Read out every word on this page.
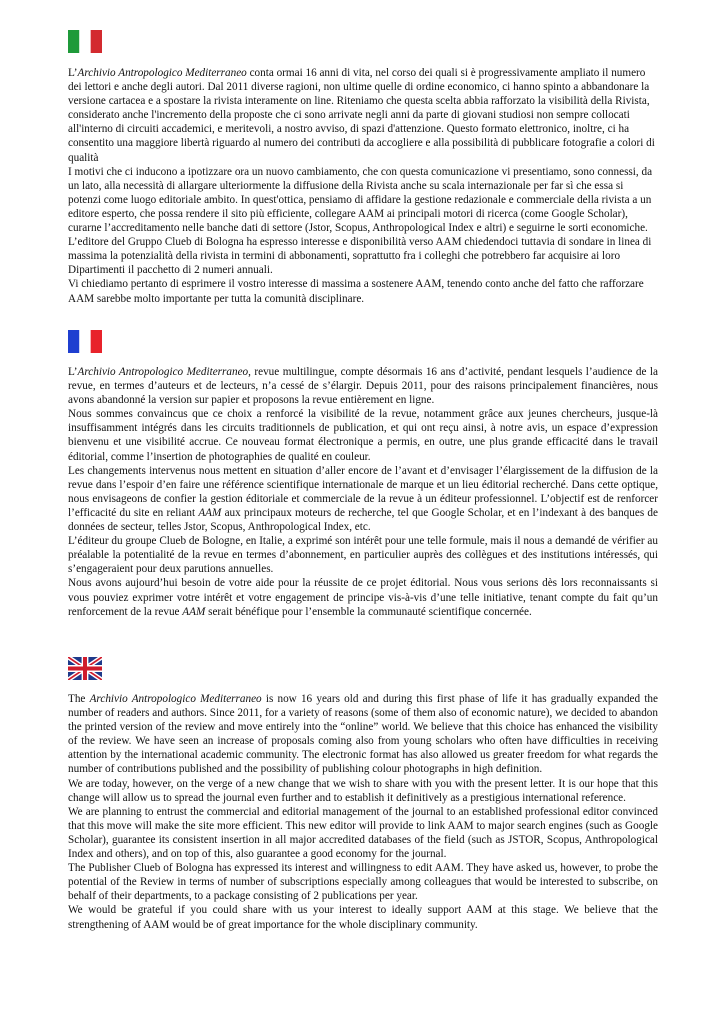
L’Archivio Antropologico Mediterraneo conta ormai 16 anni di vita, nel corso dei quali si è progressivamente ampliato il numero dei lettori e anche degli autori. Dal 2011 diverse ragioni, non ultime quelle di ordine economico, ci hanno spinto a abbandonare la versione cartacea e a spostare la rivista interamente on line. Riteniamo che questa scelta abbia rafforzato la visibilità della Rivista, considerato anche l'incremento della proposte che ci sono arrivate negli anni da parte di giovani studiosi non sempre collocati all'interno di circuiti accademici, e meritevoli, a nostro avviso, di spazi d'attenzione. Questo formato elettronico, inoltre, ci ha consentito una maggiore libertà riguardo al numero dei contributi da accogliere e alla possibilità di pubblicare fotografie a colori di qualità

I motivi che ci inducono a ipotizzare ora un nuovo cambiamento, che con questa comunicazione vi presentiamo, sono connessi, da un lato, alla necessità di allargare ulteriormente la diffusione della Rivista anche su scala internazionale per far sì che essa si potenzi come luogo editoriale ambito. In quest'ottica, pensiamo di affidare la gestione redazionale e commerciale della rivista a un editore esperto, che possa rendere il sito più efficiente, collegare AAM ai principali motori di ricerca (come Google Scholar), curarne l’accreditamento nelle banche dati di settore (Jstor, Scopus, Anthropological Index e altri) e seguirne le sorti economiche.

L’editore del Gruppo Clueb di Bologna ha espresso interesse e disponibilità verso AAM chiedendoci tuttavia di sondare in linea di massima la potenzialità della rivista in termini di abbonamenti, soprattutto fra i colleghi che potrebbero far acquisire ai loro Dipartimenti il pacchetto di 2 numeri annuali.

Vi chiediamo pertanto di esprimere il vostro interesse di massima a sostenere AAM, tenendo conto anche del fatto che rafforzare AAM sarebbe molto importante per tutta la comunità disciplinare.

L’Archivio Antropologico Mediterraneo, revue multilingue, compte désormais 16 ans d’activité, pendant lesquels l’audience de la revue, en termes d’auteurs et de lecteurs, n’a cessé de s’élargir. Depuis 2011, pour des raisons principalement financières, nous avons abandonné la version sur papier et proposons la revue entièrement en ligne.

Nous sommes convaincus que ce choix a renforcé la visibilité de la revue, notamment grâce aux jeunes chercheurs, jusque-là insuffisamment intégrés dans les circuits traditionnels de publication, et qui ont reçu ainsi, à notre avis, un espace d’expression bienvenu et une visibilité accrue. Ce nouveau format électronique a permis, en outre, une plus grande efficacité dans le travail éditorial, comme l’insertion de photographies de qualité en couleur.

Les changements intervenus nous mettent en situation d’aller encore de l’avant et d’envisager l’élargissement de la diffusion de la revue dans l’espoir d’en faire une référence scientifique internationale de marque et un lieu éditorial recherché. Dans cette optique, nous envisageons de confier la gestion éditoriale et commerciale de la revue à un éditeur professionnel. L’objectif est de renforcer l’efficacité du site en reliant AAM aux principaux moteurs de recherche, tel que Google Scholar, et en l’indexant à des banques de données de secteur, telles Jstor, Scopus, Anthropological Index, etc.

L’éditeur du groupe Clueb de Bologne, en Italie, a exprimé son intérêt pour une telle formule, mais il nous a demandé de vérifier au préalable la potentialité de la revue en termes d’abonnement, en particulier auprès des collègues et des institutions intéressés, qui s’engageraient pour deux parutions annuelles.

Nous avons aujourd’hui besoin de votre aide pour la réussite de ce projet éditorial. Nous vous serions dès lors reconnaissants si vous pouviez exprimer votre intérêt et votre engagement de principe vis-à-vis d’une telle initiative, tenant compte du fait qu’un renforcement de la revue AAM serait bénéfique pour l’ensemble la communauté scientifique concernée.

The Archivio Antropologico Mediterraneo is now 16 years old and during this first phase of life it has gradually expanded the number of readers and authors. Since 2011, for a variety of reasons (some of them also of economic nature), we decided to abandon the printed version of the review and move entirely into the “online” world. We believe that this choice has enhanced the visibility of the review. We have seen an increase of proposals coming also from young scholars who often have difficulties in receiving attention by the international academic community. The electronic format has also allowed us greater freedom for what regards the number of contributions published and the possibility of publishing colour photographs in high definition.

We are today, however, on the verge of a new change that we wish to share with you with the present letter. It is our hope that this change will allow us to spread the journal even further and to establish it definitively as a prestigious international reference.

We are planning to entrust the commercial and editorial management of the journal to an established professional editor convinced that this move will make the site more efficient. This new editor will provide to link AAM to major search engines (such as Google Scholar), guarantee its consistent insertion in all major accredited databases of the field (such as JSTOR, Scopus, Anthropological Index and others), and on top of this, also guarantee a good economy for the journal.

The Publisher Clueb of Bologna has expressed its interest and willingness to edit AAM. They have asked us, however, to probe the potential of the Review in terms of number of subscriptions especially among colleagues that would be interested to subscribe, on behalf of their departments, to a package consisting of 2 publications per year.

We would be grateful if you could share with us your interest to ideally support AAM at this stage. We believe that the strengthening of AAM would be of great importance for the whole disciplinary community.
